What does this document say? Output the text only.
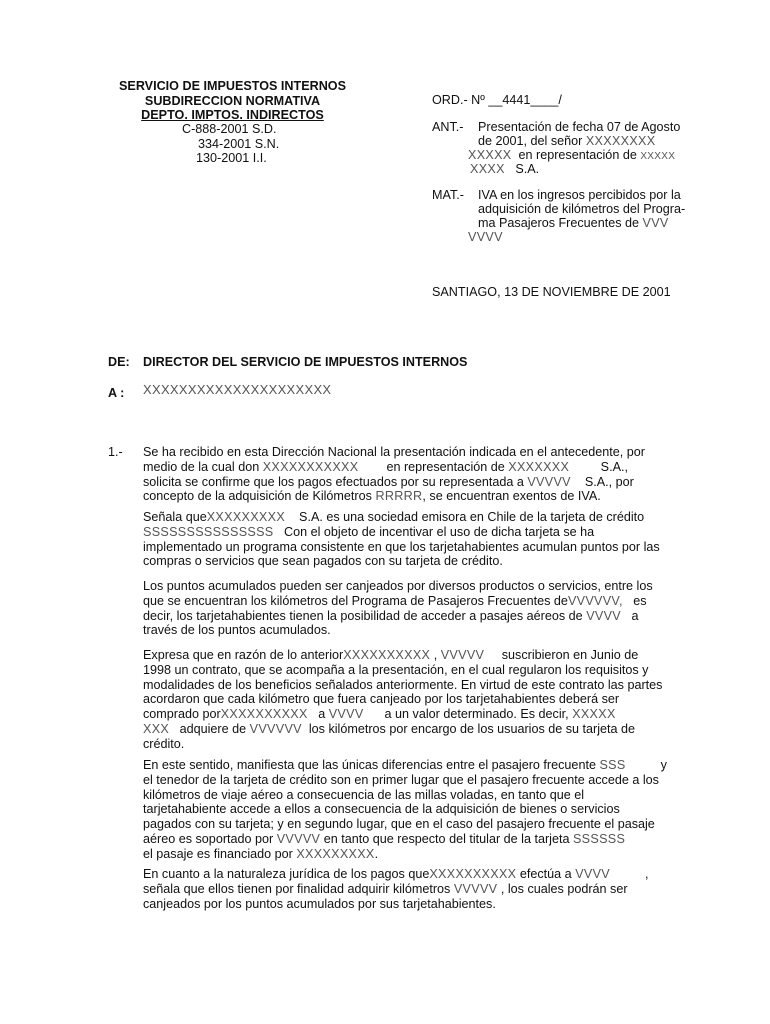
SERVICIO DE IMPUESTOS INTERNOS
SUBDIRECCION NORMATIVA
DEPTO. IMPTOS. INDIRECTOS
C-888-2001 S.D.
334-2001 S.N.
130-2001 I.I.
ORD.- Nº __4441____/
ANT.- Presentación de fecha 07 de Agosto
de 2001, del señor XXXXXXXX
XXXXX en representación de XXXXX
XXXX S.A.
MAT.- IVA en los ingresos percibidos por la
adquisición de kilómetros del Progra-
ma Pasajeros Frecuentes de VVV
VVVV
SANTIAGO, 13 DE NOVIEMBRE DE 2001
DE: DIRECTOR DEL SERVICIO DE IMPUESTOS INTERNOS
A : XXXXXXXXXXXXXXXXXXXXX
1.- Se ha recibido en esta Dirección Nacional la presentación indicada en el antecedente, por
medio de la cual don XXXXXXXXXXX en representación de XXXXXXX	S.A.,
solicita se confirme que los pagos efectuados por su representada a VVVVV S.A., por
concepto de la adquisición de Kilómetros RRRRR, se encuentran exentos de IVA.
Señala queXXXXXXXXX S.A. es una sociedad emisora en Chile de la tarjeta de crédito
SSSSSSSSSSSSSSS Con el objeto de incentivar el uso de dicha tarjeta se ha
implementado un programa consistente en que los tarjetahabientes acumulan puntos por las
compras o servicios que sean pagados con su tarjeta de crédito.
Los puntos acumulados pueden ser canjeados por diversos productos o servicios, entre los
que se encuentran los kilómetros del Programa de Pasajeros Frecuentes deVVVVVV, es
decir, los tarjetahabientes tienen la posibilidad de acceder a pasajes aéreos de VVVV a
través de los puntos acumulados.
Expresa que en razón de lo anteriorXXXXXXXXXX , VVVVV suscribieron en Junio de
1998 un contrato, que se acompaña a la presentación, en el cual regularon los requisitos y
modalidades de los beneficios señalados anteriormente. En virtud de este contrato las partes
acordaron que cada kilómetro que fuera canjeado por los tarjetahabientes deberá ser
comprado porXXXXXXXXXX a VVVV a un valor determinado. Es decir, XXXXX
XXX adquiere de VVVVVV los kilómetros por encargo de los usuarios de su tarjeta de
crédito.
En este sentido, manifiesta que las únicas diferencias entre el pasajero frecuente SSS	y
el tenedor de la tarjeta de crédito son en primer lugar que el pasajero frecuente accede a los
kilómetros de viaje aéreo a consecuencia de las millas voladas, en tanto que el
tarjetahabiente accede a ellos a consecuencia de la adquisición de bienes o servicios
pagados con su tarjeta; y en segundo lugar, que en el caso del pasajero frecuente el pasaje
aéreo es soportado por VVVVV en tanto que respecto del titular de la tarjeta SSSSSS
el pasaje es financiado por XXXXXXXXX.
En cuanto a la naturaleza jurídica de los pagos queXXXXXXXXXX efectúa a VVVV	,
señala que ellos tienen por finalidad adquirir kilómetros VVVVV , los cuales podrán ser
canjeados por los puntos acumulados por sus tarjetahabientes.
